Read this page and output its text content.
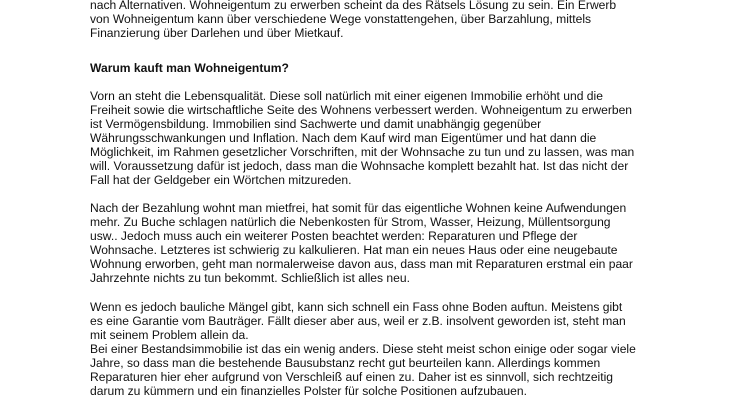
nach Alternativen. Wohneigentum zu erwerben scheint da des Rätsels Lösung zu sein. Ein Erwerb
von Wohneigentum kann über verschiedene Wege vonstattengehen, über Barzahlung, mittels
Finanzierung über Darlehen und über Mietkauf.
Warum kauft man Wohneigentum?
Vorn an steht die Lebensqualität. Diese soll natürlich mit einer eigenen Immobilie erhöht und die
Freiheit sowie die wirtschaftliche Seite des Wohnens verbessert werden. Wohneigentum zu erwerben
ist Vermögensbildung. Immobilien sind Sachwerte und damit unabhängig gegenüber
Währungsschwankungen und Inflation. Nach dem Kauf wird man Eigentümer und hat dann die
Möglichkeit, im Rahmen gesetzlicher Vorschriften, mit der Wohnsache zu tun und zu lassen, was man
will. Voraussetzung dafür ist jedoch, dass man die Wohnsache komplett bezahlt hat. Ist das nicht der
Fall hat der Geldgeber ein Wörtchen mitzureden.
Nach der Bezahlung wohnt man mietfrei, hat somit für das eigentliche Wohnen keine Aufwendungen
mehr. Zu Buche schlagen natürlich die Nebenkosten für Strom, Wasser, Heizung, Müllentsorgung
usw.. Jedoch muss auch ein weiterer Posten beachtet werden: Reparaturen und Pflege der
Wohnsache. Letzteres ist schwierig zu kalkulieren. Hat man ein neues Haus oder eine neugebaute
Wohnung erworben, geht man normalerweise davon aus, dass man mit Reparaturen erstmal ein paar
Jahrzehnte nichts zu tun bekommt. Schließlich ist alles neu.
Wenn es jedoch bauliche Mängel gibt, kann sich schnell ein Fass ohne Boden auftun. Meistens gibt
es eine Garantie vom Bauträger. Fällt dieser aber aus, weil er z.B. insolvent geworden ist, steht man
mit seinem Problem allein da.
Bei einer Bestandsimmobilie ist das ein wenig anders. Diese steht meist schon einige oder sogar viele
Jahre, so dass man die bestehende Bausubstanz recht gut beurteilen kann. Allerdings kommen
Reparaturen hier eher aufgrund von Verschleiß auf einen zu. Daher ist es sinnvoll, sich rechtzeitig
darum zu kümmern und ein finanzielles Polster für solche Positionen aufzubauen.
